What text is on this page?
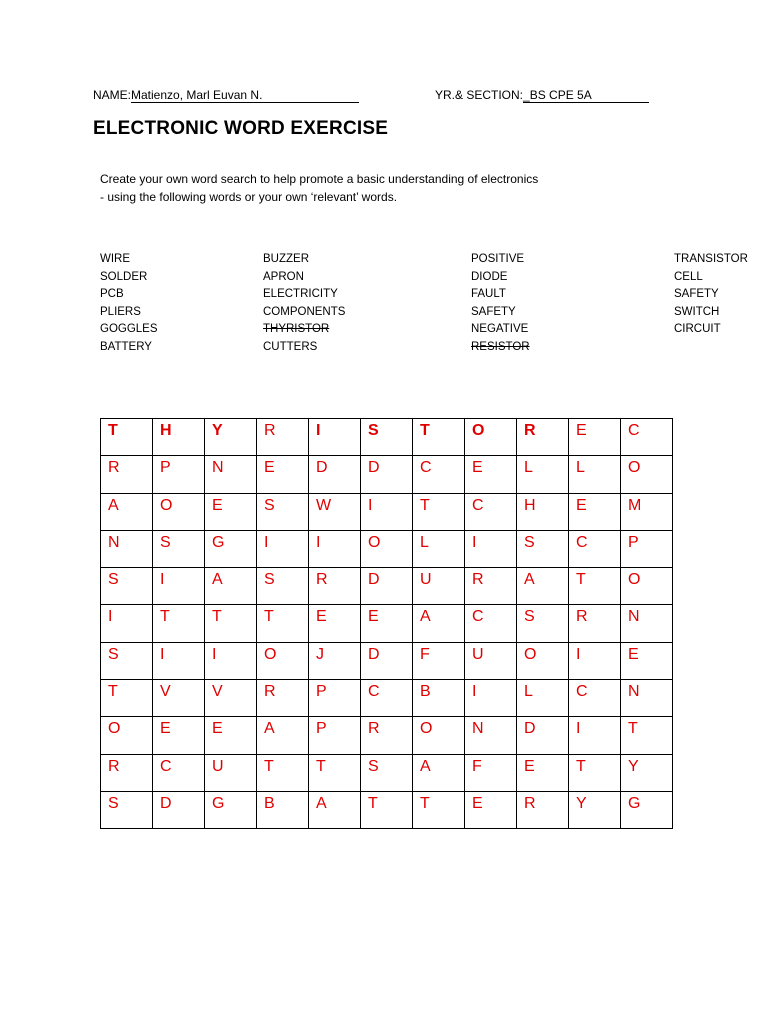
NAME:Matienzo, Marl Euvan N.	YR.& SECTION:_BS CPE 5A
ELECTRONIC WORD EXERCISE
Create your own word search to help promote a basic understanding of electronics
- using the following words or your own ‘relevant’ words.
WIRE
SOLDER
PCB
PLIERS
GOGGLES
BATTERY
BUZZER
APRON
ELECTRICITY
COMPONENTS
THYRISTOR
CUTTERS
POSITIVE
DIODE
FAULT
SAFETY
NEGATIVE
RESISTOR
TRANSISTOR
CELL
SAFETY
SWITCH
CIRCUIT
T	H	Y	R	I	S	T	O	R	E	C
R	P	N	E	D	D	C	E	L	L	O
A	O	E	S	W	I	T	C	H	E	M
N	S	G	I	I	O	L	I	S	C	P
S	I	A	S	R	D	U	R	A	T	O
I	T	T	T	E	E	A	C	S	R	N
S	I	I	O	J	D	F	U	O	I	E
T	V	V	R	P	C	B	I	L	C	N
O	E	E	A	P	R	O	N	D	I	T
R	C	U	T	T	S	A	F	E	T	Y
S	D	G	B	A	T	T	E	R	Y	G
